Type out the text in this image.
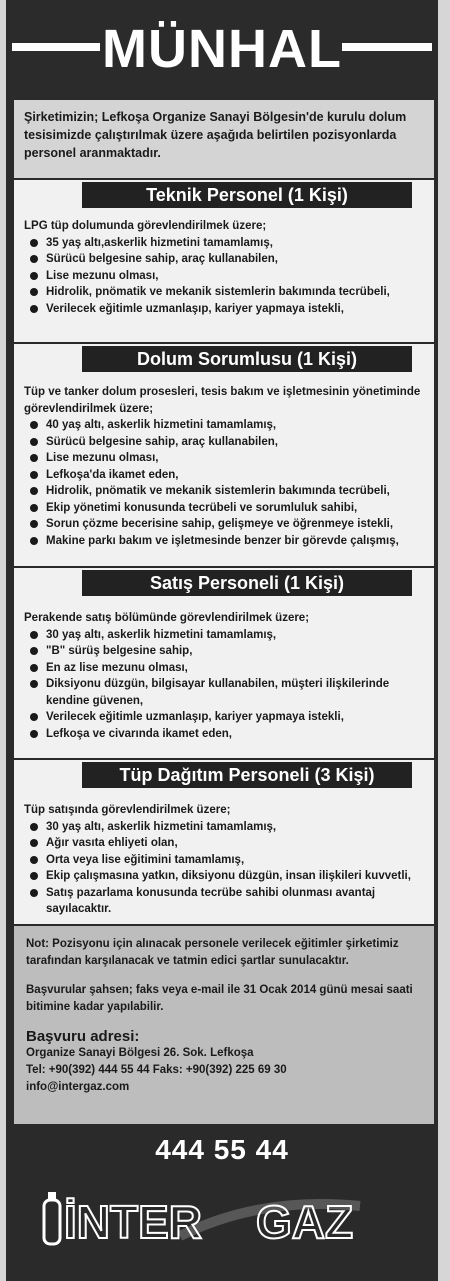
MÜNHAL
Şirketimizin; Lefkoşa Organize Sanayi Bölgesin'de kurulu dolum tesisimizde çalıştırılmak üzere aşağıda belirtilen pozisyonlarda personel aranmaktadır.
Teknik Personel (1 Kişi)
LPG tüp dolumunda görevlendirilmek üzere;
35 yaş altı,askerlik hizmetini tamamlamış,
Sürücü belgesine sahip, araç kullanabilen,
Lise mezunu olması,
Hidrolik, pnömatik ve mekanik sistemlerin bakımında tecrübeli,
Verilecek eğitimle uzmanlaşıp, kariyer yapmaya istekli,
Dolum Sorumlusu (1 Kişi)
Tüp ve tanker dolum prosesleri, tesis bakım ve işletmesinin yönetiminde görevlendirilmek üzere;
40 yaş altı, askerlik hizmetini tamamlamış,
Sürücü belgesine sahip, araç kullanabilen,
Lise mezunu olması,
Lefkoşa'da ikamet eden,
Hidrolik, pnömatik ve mekanik sistemlerin bakımında tecrübeli,
Ekip yönetimi konusunda tecrübeli ve sorumluluk sahibi,
Sorun çözme becerisine sahip, gelişmeye ve öğrenmeye istekli,
Makine parkı bakım ve işletmesinde benzer bir görevde çalışmış,
Satış Personeli (1 Kişi)
Perakende satış bölümünde görevlendirilmek üzere;
30 yaş altı, askerlik hizmetini tamamlamış,
"B" sürüş belgesine sahip,
En az lise mezunu olması,
Diksiyonu düzgün, bilgisayar kullanabilen, müşteri ilişkilerinde kendine güvenen,
Verilecek eğitimle uzmanlaşıp, kariyer yapmaya istekli,
Lefkoşa ve civarında ikamet eden,
Tüp Dağıtım Personeli (3 Kişi)
Tüp satışında görevlendirilmek üzere;
30 yaş altı, askerlik hizmetini tamamlamış,
Ağır vasıta ehliyeti olan,
Orta veya lise eğitimini tamamlamış,
Ekip çalışmasına yatkın, diksiyonu düzgün, insan ilişkileri kuvvetli,
Satış pazarlama konusunda tecrübe sahibi olunması avantaj sayılacaktır.

Not: Pozisyonu için alınacak personele verilecek eğitimler şirketimiz tarafından karşılanacak ve tatmin edici şartlar sunulacaktır.

Başvurular şahsen; faks veya e-mail ile 31 Ocak 2014 günü mesai saati bitimine kadar yapılabilir.

Başvuru adresi:
Organize Sanayi Bölgesi 26. Sok. Lefkoşa
Tel: +90(392) 444 55 44 Faks: +90(392) 225 69 30
info@intergaz.com
444 55 44
İNTER GAZ
